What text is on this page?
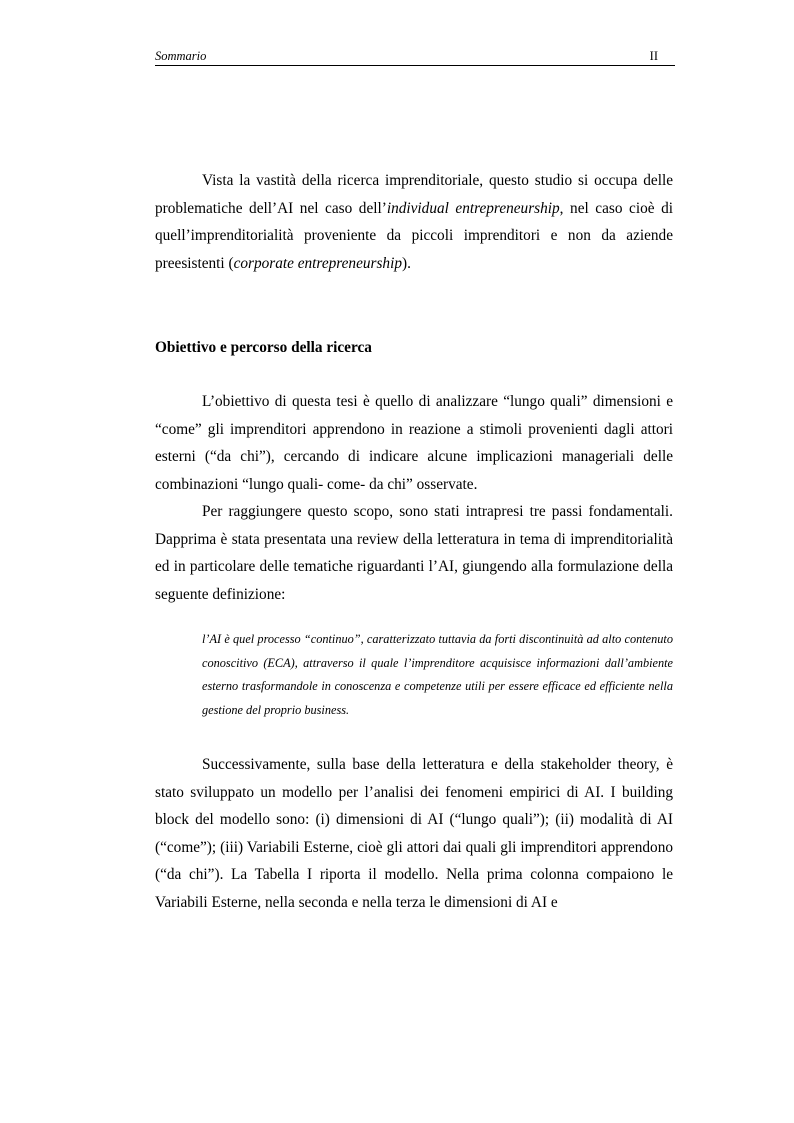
Sommario	II

Vista la vastità della ricerca imprenditoriale, questo studio si occupa delle problematiche dell’AI nel caso dell’individual entrepreneurship, nel caso cioè di quell’imprenditorialità proveniente da piccoli imprenditori e non da aziende preesistenti (corporate entrepreneurship).

Obiettivo e percorso della ricerca

L’obiettivo di questa tesi è quello di analizzare “lungo quali” dimensioni e “come” gli imprenditori apprendono in reazione a stimoli provenienti dagli attori esterni (“da chi”), cercando di indicare alcune implicazioni manageriali delle combinazioni “lungo quali- come- da chi” osservate.

Per raggiungere questo scopo, sono stati intrapresi tre passi fondamentali. Dapprima è stata presentata una review della letteratura in tema di imprenditorialità ed in particolare delle tematiche riguardanti l’AI, giungendo alla formulazione della seguente definizione:

l’AI è quel processo “continuo”, caratterizzato tuttavia da forti discontinuità ad alto contenuto conoscitivo (ECA), attraverso il quale l’imprenditore acquisisce informazioni dall’ambiente esterno trasformandole in conoscenza e competenze utili per essere efficace ed efficiente nella gestione del proprio business.

Successivamente, sulla base della letteratura e della stakeholder theory, è stato sviluppato un modello per l’analisi dei fenomeni empirici di AI. I building block del modello sono: (i) dimensioni di AI (“lungo quali”); (ii) modalità di AI (“come”); (iii) Variabili Esterne, cioè gli attori dai quali gli imprenditori apprendono (“da chi”). La Tabella I riporta il modello. Nella prima colonna compaiono le Variabili Esterne, nella seconda e nella terza le dimensioni di AI e
